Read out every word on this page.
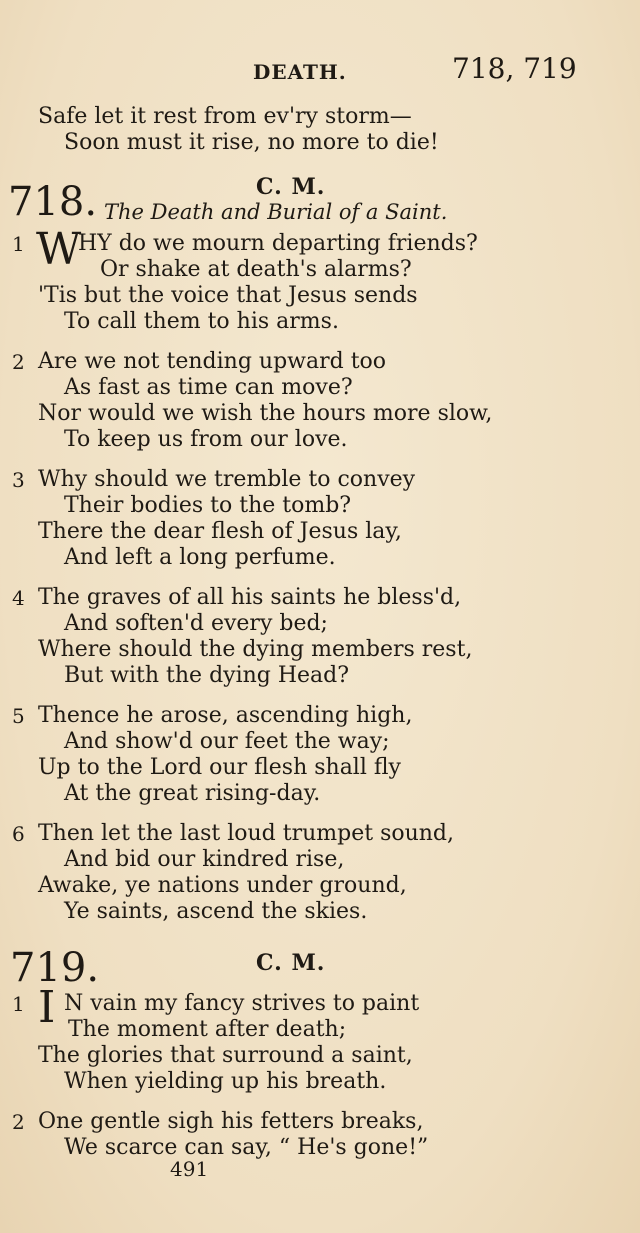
DEATH.	718, 719
Safe let it rest from ev'ry storm—
Soon must it rise, no more to die!
718.	C. M.
The Death and Burial of a Saint.
1 W
HY do we mourn departing friends?
Or shake at death's alarms?
'Tis but the voice that Jesus sends
To call them to his arms.
2 Are we not tending upward too
As fast as time can move?
Nor would we wish the hours more slow,
To keep us from our love.
3 Why should we tremble to convey
Their bodies to the tomb?
There the dear flesh of Jesus lay,
And left a long perfume.
4 The graves of all his saints he bless'd,
And soften'd every bed;
Where should the dying members rest,
But with the dying Head?
5 Thence he arose, ascending high,
And show'd our feet the way;
Up to the Lord our flesh shall fly
At the great rising-day.
6 Then let the last loud trumpet sound,
And bid our kindred rise,
Awake, ye nations under ground,
Ye saints, ascend the skies.
719.	C. M.
1 I N vain my fancy strives to paint
The moment after death;
The glories that surround a saint,
When yielding up his breath.
2 One gentle sigh his fetters breaks,
We scarce can say, “ He's gone!”
491
